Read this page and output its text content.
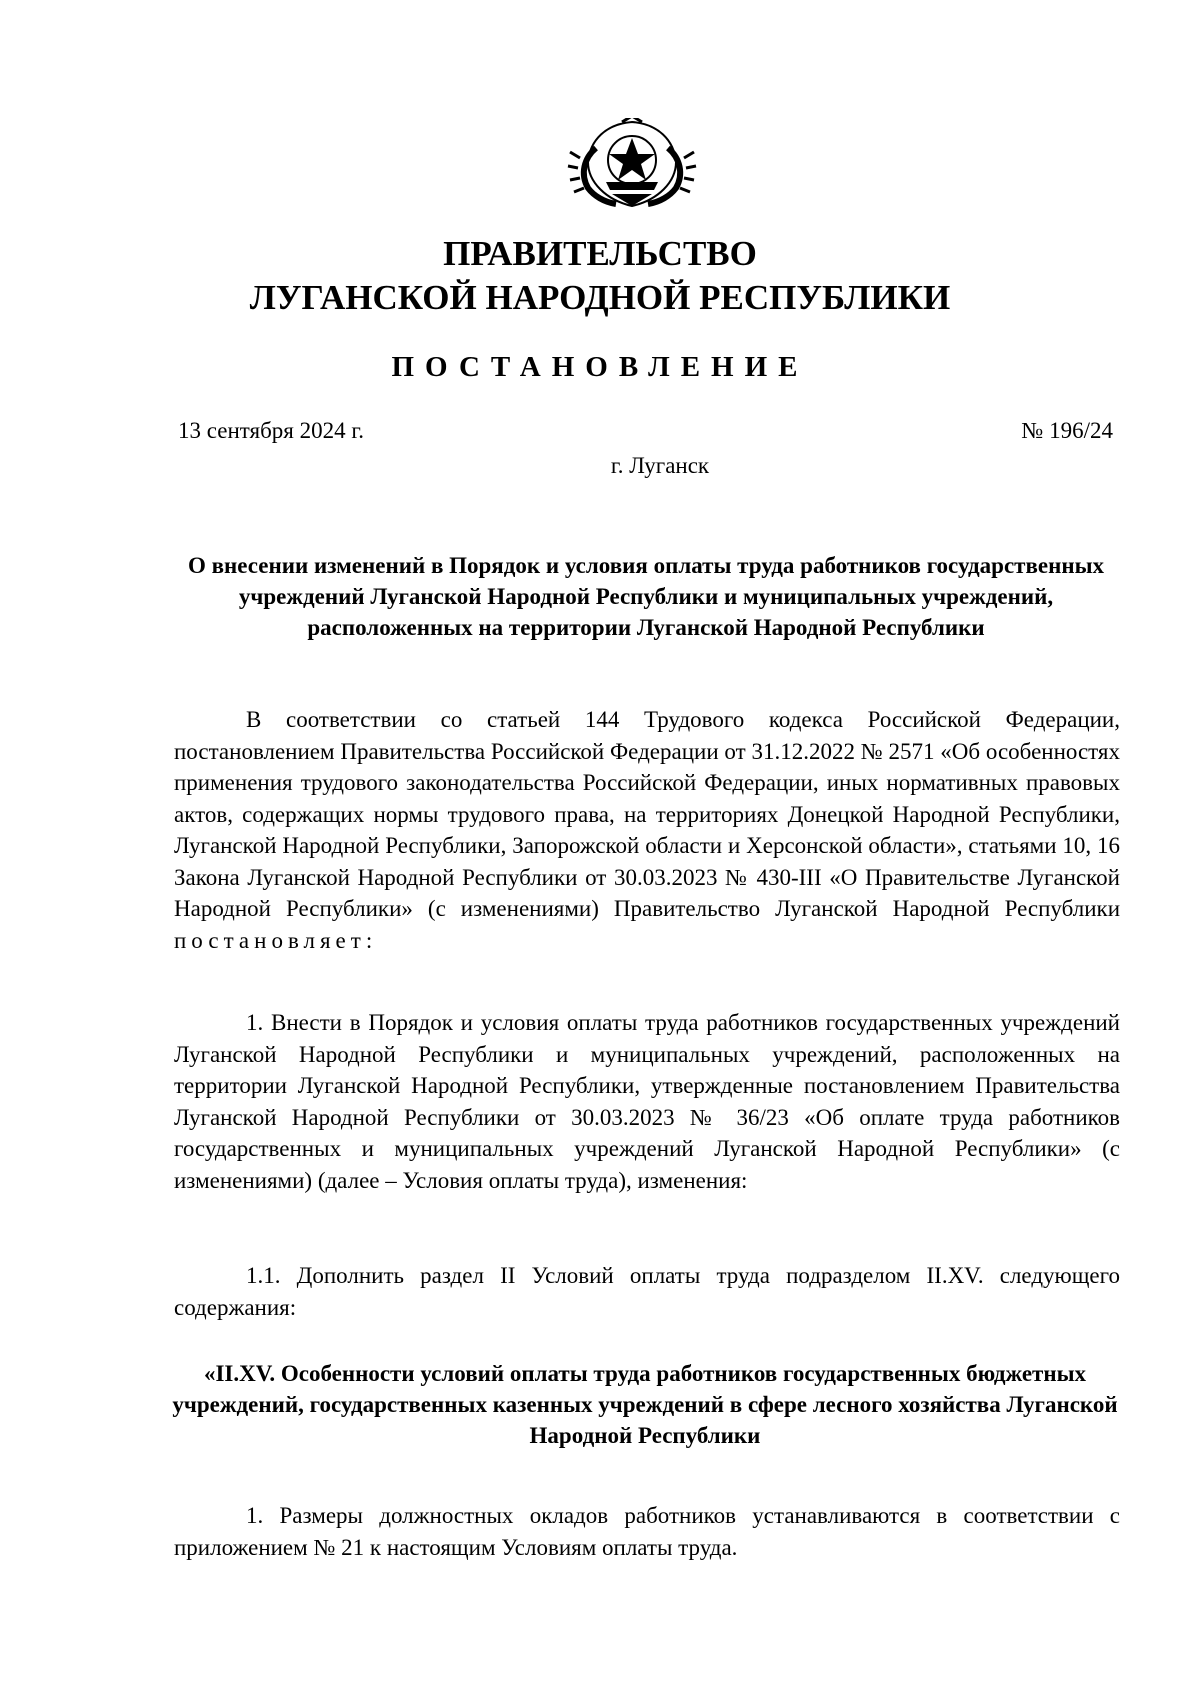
ПРАВИТЕЛЬСТВО
ЛУГАНСКОЙ НАРОДНОЙ РЕСПУБЛИКИ
ПОСТАНОВЛЕНИЕ
13 сентября 2024 г.	№ 196/24
г. Луганск
О внесении изменений в Порядок и условия оплаты труда работников государственных учреждений Луганской Народной Республики и муниципальных учреждений, расположенных на территории Луганской Народной Республики
В соответствии со статьей 144 Трудового кодекса Российской Федерации, постановлением Правительства Российской Федерации от 31.12.2022 № 2571 «Об особенностях применения трудового законодательства Российской Федерации, иных нормативных правовых актов, содержащих нормы трудового права, на территориях Донецкой Народной Республики, Луганской Народной Республики, Запорожской области и Херсонской области», статьями 10, 16 Закона Луганской Народной Республики от 30.03.2023 № 430-III «О Правительстве Луганской Народной Республики» (с изменениями) Правительство Луганской Народной Республики постановляет:
1. Внести в Порядок и условия оплаты труда работников государственных учреждений Луганской Народной Республики и муниципальных учреждений, расположенных на территории Луганской Народной Республики, утвержденные постановлением Правительства Луганской Народной Республики от 30.03.2023 № 36/23 «Об оплате труда работников государственных и муниципальных учреждений Луганской Народной Республики» (с изменениями) (далее – Условия оплаты труда), изменения:
1.1. Дополнить раздел II Условий оплаты труда подразделом II.XV. следующего содержания:
«II.XV. Особенности условий оплаты труда работников государственных бюджетных учреждений, государственных казенных учреждений в сфере лесного хозяйства Луганской Народной Республики
1. Размеры должностных окладов работников устанавливаются в соответствии с приложением № 21 к настоящим Условиям оплаты труда.
